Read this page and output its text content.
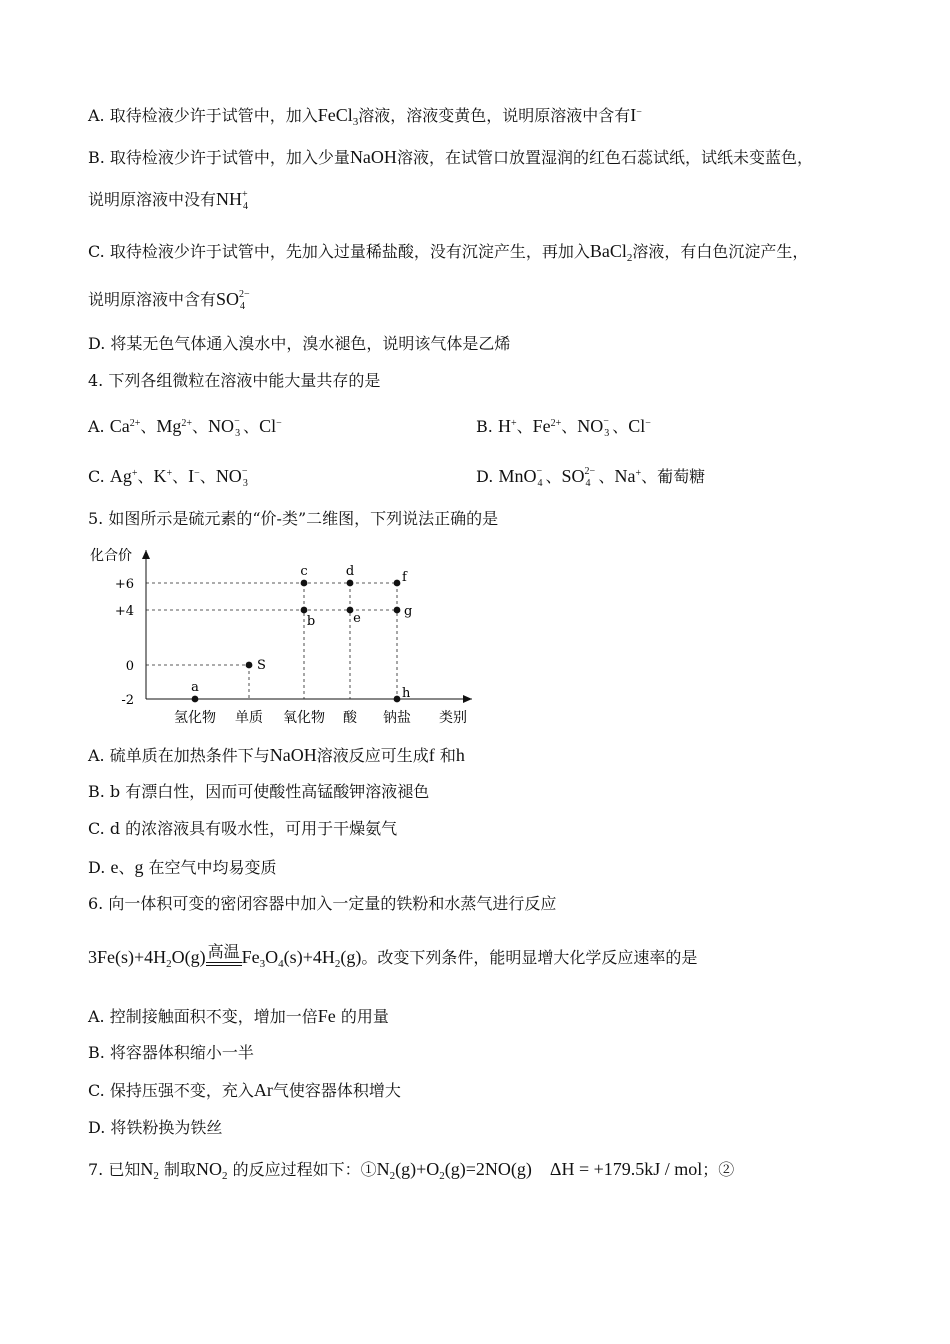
A. 取待检液少许于试管中，加入FeCl$_3$溶液，溶液变黄色，说明原溶液中含有I−
B. 取待检液少许于试管中，加入少量NaOH溶液，在试管口放置湿润的红色石蕊试纸，试纸未变蓝色，
说明原溶液中没有NH +
4
C. 取待检液少许于试管中，先加入过量稀盐酸，没有沉淀产生，再加入BaCl$_2$溶液，有白色沉淀产生，
说明原溶液中含有SO 2−
4
D. 将某无色气体通入溴水中，溴水褪色，说明该气体是乙烯
4. 下列各组微粒在溶液中能大量共存的是
A. $Ca^{2+}$、$Mg^{2+}$、NO −
3 、Cl−	B. H+、$Fe^{2+}$、NO −
3 、Cl−
C. Ag+、K+、I−、NO −
3	D. MnO −
4 、SO 2−
4 、Na+、葡萄糖
5. 如图所示是硫元素的“价-类”二维图，下列说法正确的是
化合价
类别
+6
+4
0
-2
氢化物 单质 氧化物 酸 钠盐
a
S
b
c	d
e
f
g
h
A. 硫单质在加热条件下与NaOH溶液反应可生成f 和h
B. b 有漂白性，因而可使酸性高锰酸钾溶液褪色
C. d 的浓溶液具有吸水性，可用于干燥氨气
D. e、g 在空气中均易变质
6. 向一体积可变的密闭容器中加入一定量的铁粉和水蒸气进行反应
$3Fe(s)+4H_2O(g)$ 高温 $Fe_3O_4(s)+4H_2(g)$。改变下列条件，能明显增大化学反应速率的是
A. 控制接触面积不变，增加一倍Fe 的用量
B. 将容器体积缩小一半
C. 保持压强不变，充入Ar气使容器体积增大
D. 将铁粉换为铁丝
7. 已知$N_2$ 制取$NO_2$ 的反应过程如下：$①N_2(g)+O_2(g)=2NO(g) \Delta H = +179.5kJ$ / mol；②
